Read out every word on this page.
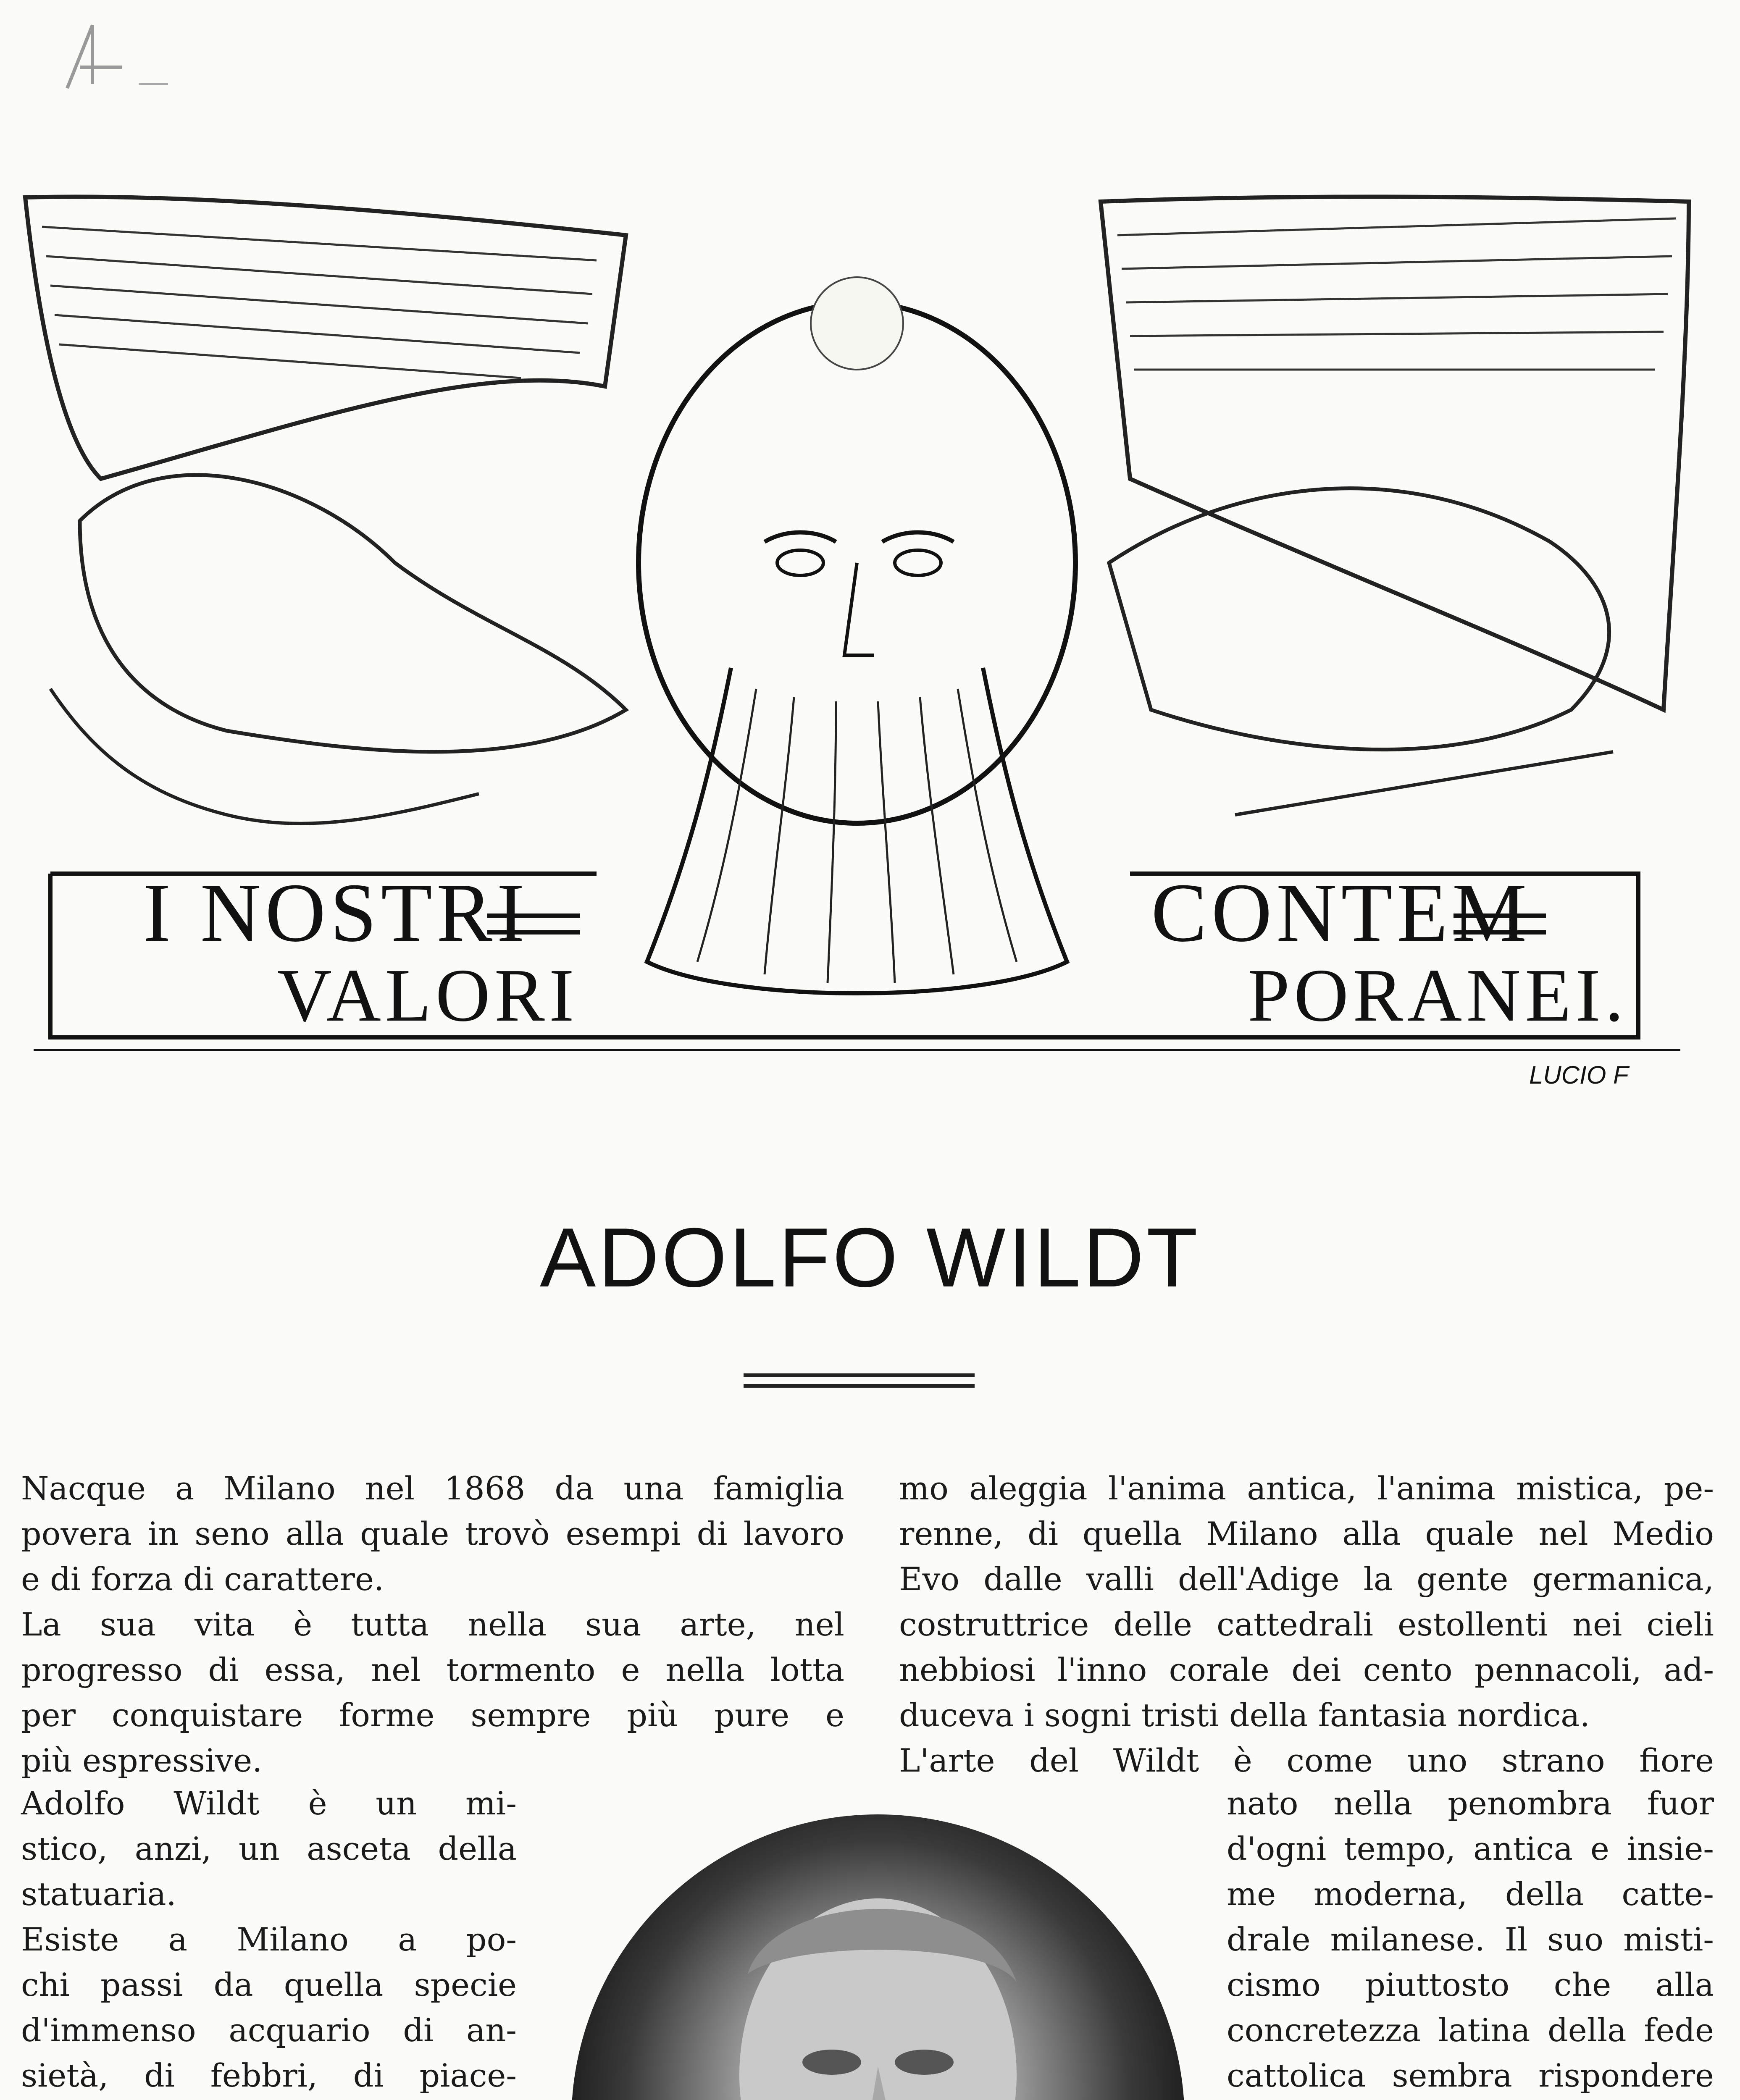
I NOSTRI
VALORI
CONTEM
PORANEI.
LUCIO F
ADOLFO WILDT
Nacque a Milano nel 1868 da una famiglia
povera in seno alla quale trovò esempi di lavoro
e di forza di carattere.
La sua vita è tutta nella sua arte, nel
progresso di essa, nel tormento e nella lotta
per conquistare forme sempre più pure e
più espressive.
Adolfo Wildt è un mi-
stico, anzi, un asceta della
statuaria.
Esiste a Milano a po-
chi passi da quella specie
d'immenso acquario di an-
sietà, di febbri, di piace-
mo aleggia l'anima antica, l'anima mistica, pe-
renne, di quella Milano alla quale nel Medio
Evo dalle valli dell'Adige la gente germanica,
costruttrice delle cattedrali estollenti nei cieli
nebbiosi l'inno corale dei cento pennacoli, ad-
duceva i sogni tristi della fantasia nordica.
L'arte del Wildt è come uno strano fiore
nato nella penombra fuor
d'ogni tempo, antica e insie-
me moderna, della catte-
drale milanese. Il suo misti-
cismo piuttosto che alla
concretezza latina della fede
cattolica sembra rispondere
